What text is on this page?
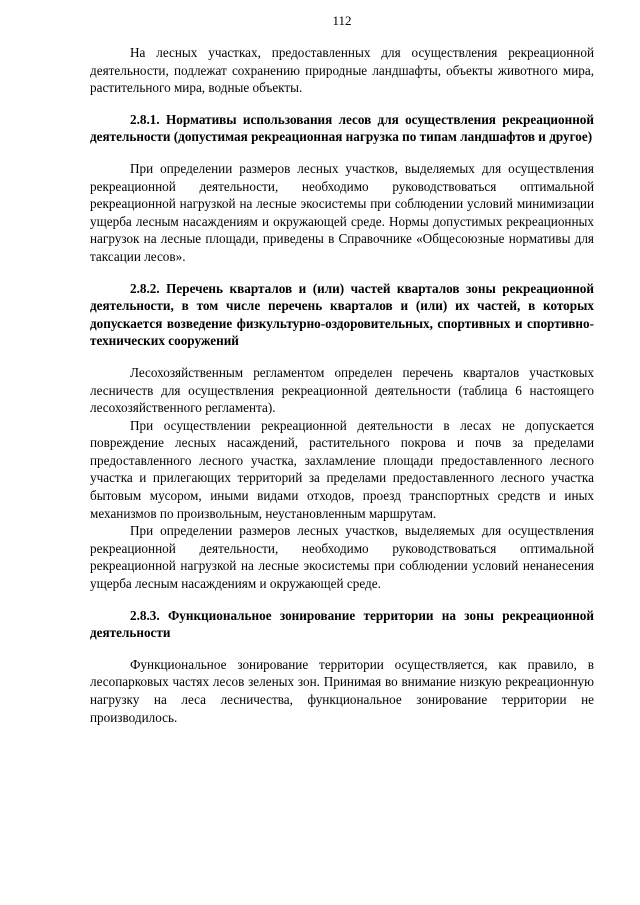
112

На лесных участках, предоставленных для осуществления рекреационной деятельности, подлежат сохранению природные ландшафты, объекты животного мира, растительного мира, водные объекты.

2.8.1. Нормативы использования лесов для осуществления рекреационной деятельности (допустимая рекреационная нагрузка по типам ландшафтов и другое)

При определении размеров лесных участков, выделяемых для осуществления рекреационной деятельности, необходимо руководствоваться оптимальной рекреационной нагрузкой на лесные экосистемы при соблюдении условий минимизации ущерба лесным насаждениям и окружающей среде. Нормы допустимых рекреационных нагрузок на лесные площади, приведены в Справочнике «Общесоюзные нормативы для таксации лесов».

2.8.2. Перечень кварталов и (или) частей кварталов зоны рекреационной деятельности, в том числе перечень кварталов и (или) их частей, в которых допускается возведение физкультурно-оздоровительных, спортивных и спортивно-технических сооружений

Лесохозяйственным регламентом определен перечень кварталов участковых лесничеств для осуществления рекреационной деятельности (таблица 6 настоящего лесохозяйственного регламента).

При осуществлении рекреационной деятельности в лесах не допускается повреждение лесных насаждений, растительного покрова и почв за пределами предоставленного лесного участка, захламление площади предоставленного лесного участка и прилегающих территорий за пределами предоставленного лесного участка бытовым мусором, иными видами отходов, проезд транспортных средств и иных механизмов по произвольным, неустановленным маршрутам.

При определении размеров лесных участков, выделяемых для осуществления рекреационной деятельности, необходимо руководствоваться оптимальной рекреационной нагрузкой на лесные экосистемы при соблюдении условий ненанесения ущерба лесным насаждениям и окружающей среде.

2.8.3. Функциональное зонирование территории на зоны рекреационной деятельности

Функциональное зонирование территории осуществляется, как правило, в лесопарковых частях лесов зеленых зон. Принимая во внимание низкую рекреационную нагрузку на леса лесничества, функциональное зонирование территории не производилось.
